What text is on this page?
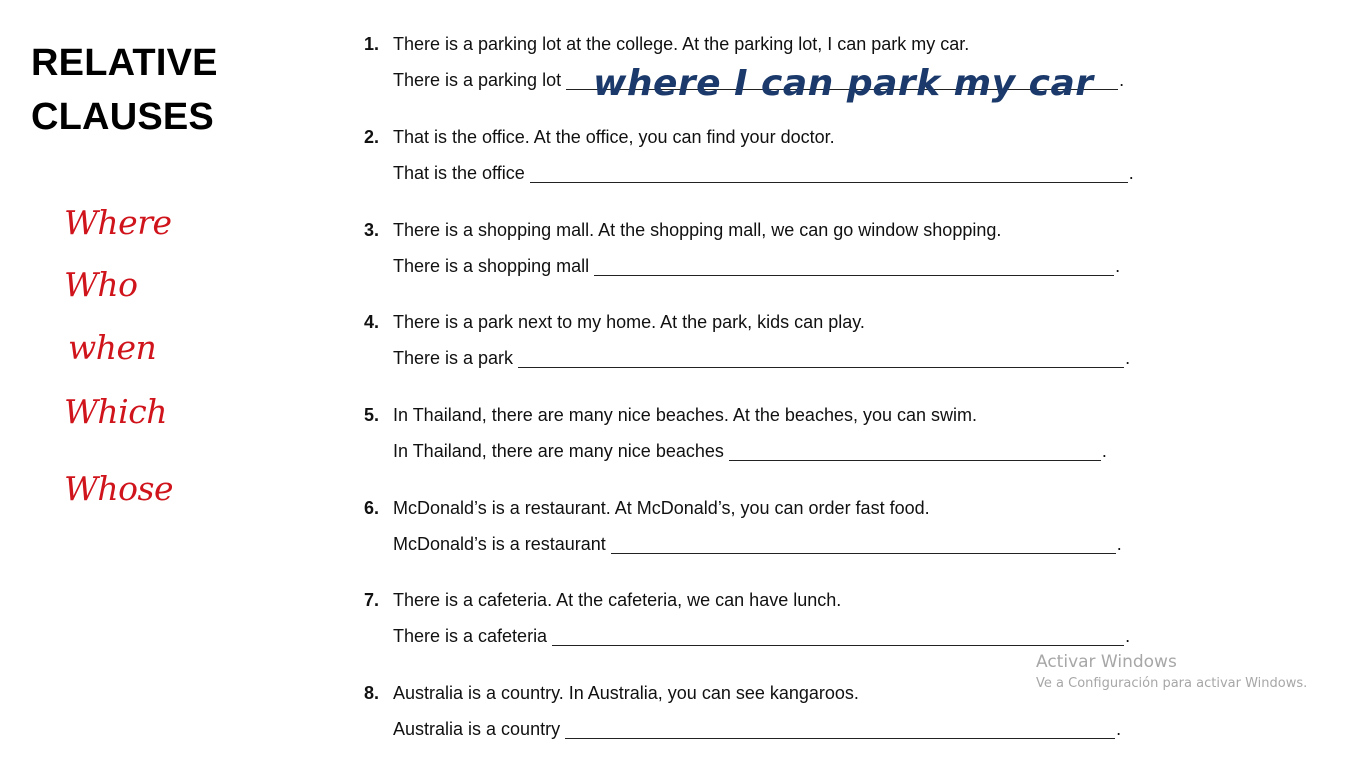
RELATIVE
CLAUSES
Where
Who
when
Which
Whose
1. There is a parking lot at the college. At the parking lot, I can park my car.
There is a parking lot where I can park my car .
2. That is the office. At the office, you can find your doctor.
That is the office	.
3. There is a shopping mall. At the shopping mall, we can go window shopping.
There is a shopping mall	.
4. There is a park next to my home. At the park, kids can play.
There is a park	.
5. In Thailand, there are many nice beaches. At the beaches, you can swim.
In Thailand, there are many nice beaches	.
6. McDonald’s is a restaurant. At McDonald’s, you can order fast food.
McDonald’s is a restaurant	.
7. There is a cafeteria. At the cafeteria, we can have lunch.
There is a cafeteria	.
8. Australia is a country. In Australia, you can see kangaroos.
Australia is a country	.
Activar Windows
Ve a Configuración para activar Windows.
